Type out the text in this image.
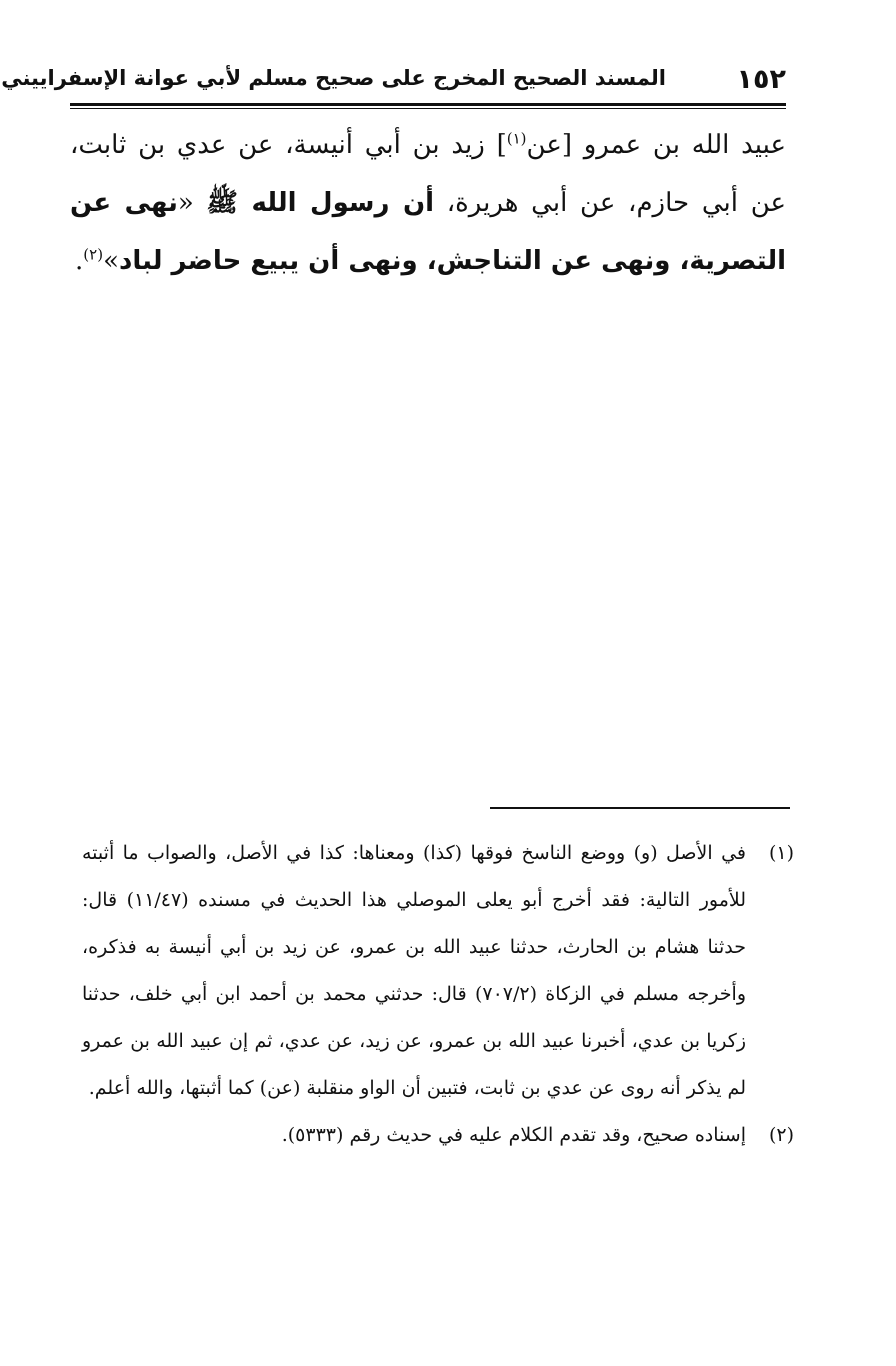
١٥٢
المسند الصحيح المخرج على صحيح مسلم لأبي عوانة الإسفراييني
عبيد الله بن عمرو [عن$^{(١)}$] زيد بن أبي أنيسة، عن عدي بن ثابت، عن أبي حازم، عن أبي هريرة، أن رسول الله ﷺ «نهى عن التصرية، ونهى عن التناجش، ونهى أن يبيع حاضر لباد»$^{(٢)}$.
(١)
في الأصل (و) ووضع الناسخ فوقها (كذا) ومعناها: كذا في الأصل، والصواب ما أثبته للأمور التالية: فقد أخرج أبو يعلى الموصلي هذا الحديث في مسنده (١١/٤٧) قال: حدثنا هشام بن الحارث، حدثنا عبيد الله بن عمرو، عن زيد بن أبي أنيسة به فذكره، وأخرجه مسلم في الزكاة (٧٠٧/٢) قال: حدثني محمد بن أحمد ابن أبي خلف، حدثنا زكريا بن عدي، أخبرنا عبيد الله بن عمرو، عن زيد، عن عدي، ثم إن عبيد الله بن عمرو لم يذكر أنه روى عن عدي بن ثابت، فتبين أن الواو منقلبة (عن) كما أثبتها، والله أعلم.
(٢)
إسناده صحيح، وقد تقدم الكلام عليه في حديث رقم (٥٣٣٣).
